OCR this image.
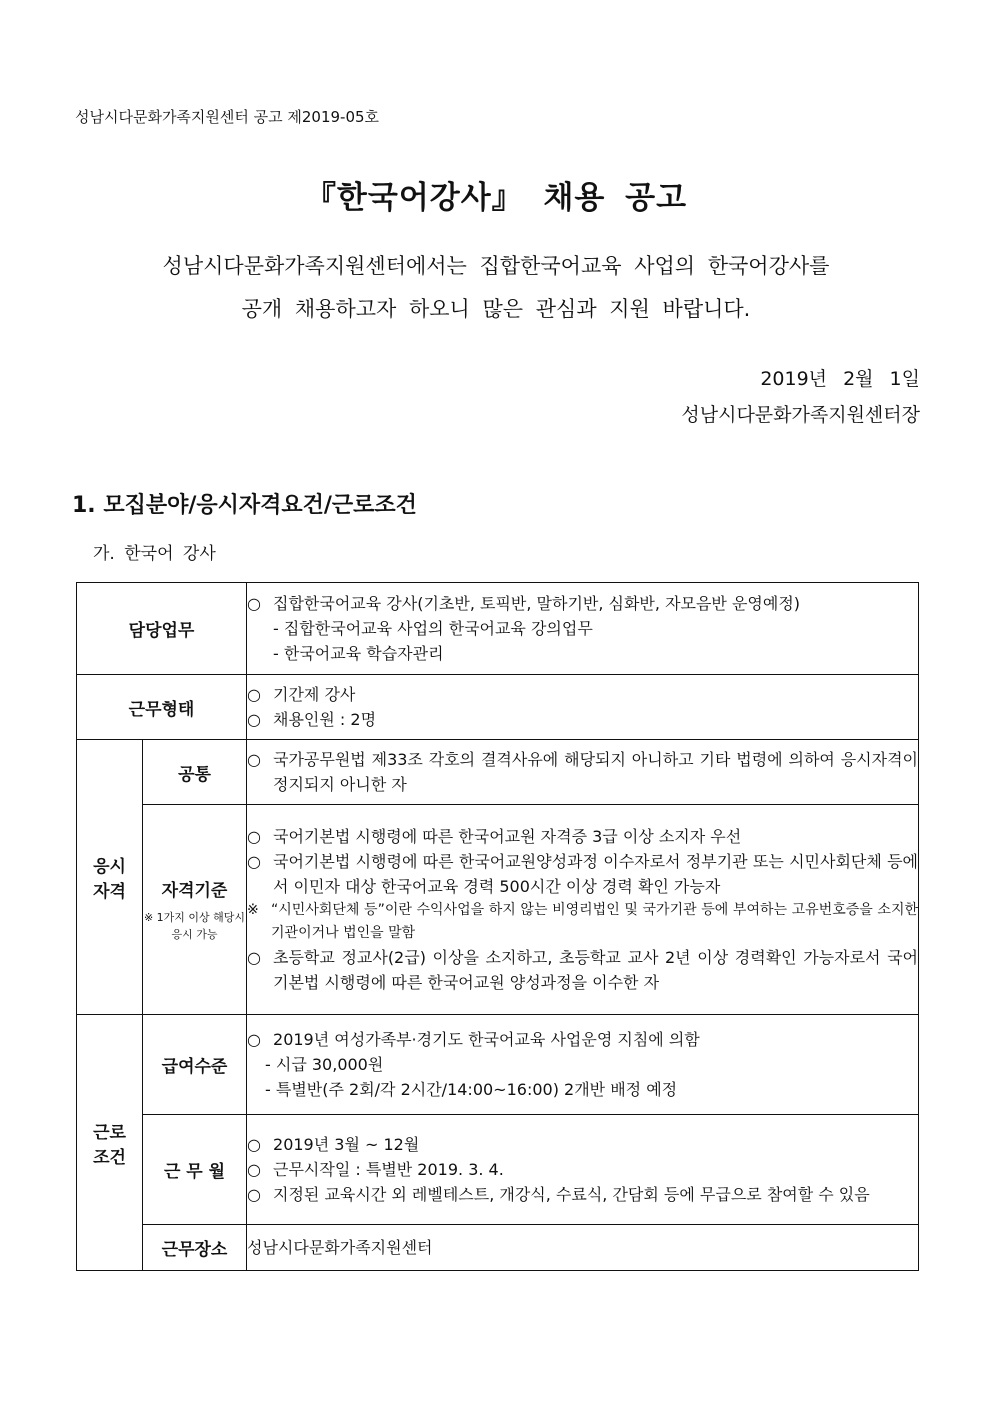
성남시다문화가족지원센터 공고 제2019-05호
『한국어강사』 채용 공고
성남시다문화가족지원센터에서는 집합한국어교육 사업의 한국어강사를
공개 채용하고자 하오니 많은 관심과 지원 바랍니다.
2019년 2월 1일
성남시다문화가족지원센터장
1. 모집분야/응시자격요건/근로조건
가. 한국어 강사
담당업무		○ 집합한국어교육 강사(기초반, 토픽반, 말하기반, 심화반, 자모음반 운영예정)

- 집합한국어교육 사업의 한국어교육 강의업무
- 한국어교육 학습자관리

근무형태		○ 기간제 강사
○ 채용인원 : 2명

응시
자격	공통	○ 국가공무원법 제33조 각호의 결격사유에 해당되지 아니하고 기타 법령에 의하여 응시자격이 정지되지 아니한 자

	자격기준
※ 1가지 이상 해당시 응시 가능	○ 국어기본법 시행령에 따른 한국어교원 자격증 3급 이상 소지자 우선
○ 국어기본법 시행령에 따른 한국어교원양성과정 이수자로서 정부기관 또는 시민사회단체 등에서 이민자 대상 한국어교육 경력 500시간 이상 경력 확인 가능자
※ “시민사회단체 등”이란 수익사업을 하지 않는 비영리법인 및 국가기관 등에 부여하는 고유번호증을 소지한 기관이거나 법인을 말함
○ 초등학교 정교사(2급) 이상을 소지하고, 초등학교 교사 2년 이상 경력확인 가능자로서 국어기본법 시행령에 따른 한국어교원 양성과정을 이수한 자

근로
조건	급여수준	○ 2019년 여성가족부·경기도 한국어교육 사업운영 지침에 의함
- 시급 30,000원
- 특별반(주 2회/각 2시간/14:00~16:00) 2개반 배정 예정

	근 무 월	○ 2019년 3월 ~ 12월
○ 근무시작일 : 특별반 2019. 3. 4.
○ 지정된 교육시간 외 레벨테스트, 개강식, 수료식, 간담회 등에 무급으로 참여할 수 있음

	근무장소	성남시다문화가족지원센터
